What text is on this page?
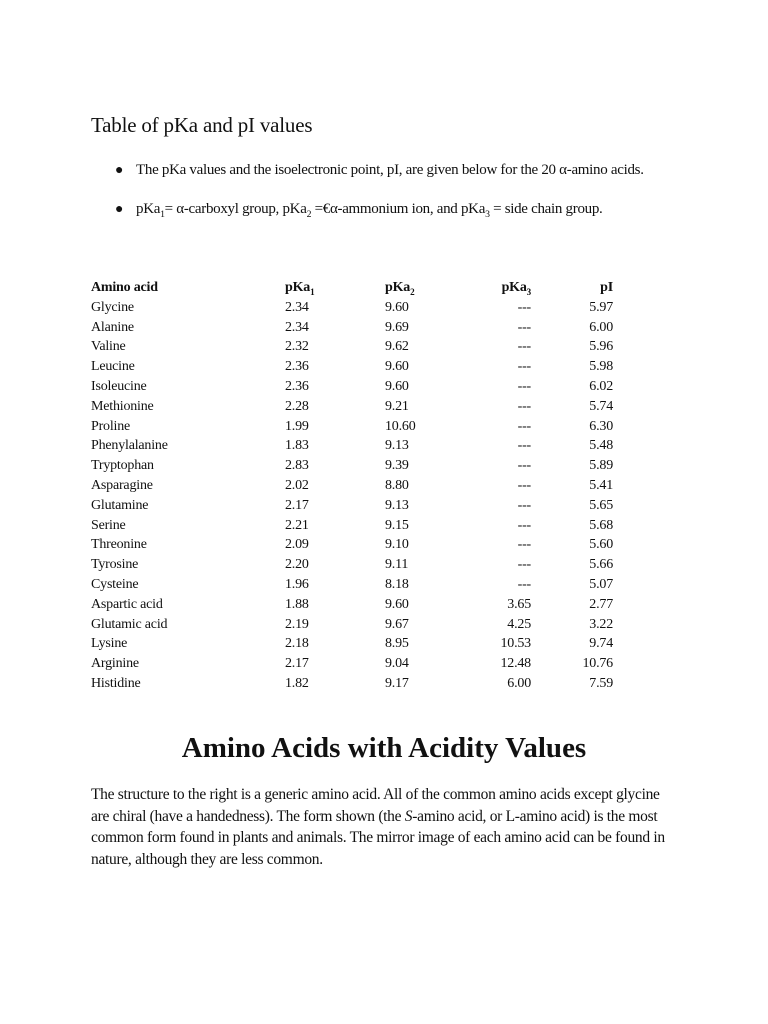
Table of pKa and pI values
● The pKa values and the isoelectronic point, pI, are given below for the 20 α-amino acids.
● pKa$_1$= α-carboxyl group, pKa$_2$ =€α-ammonium ion, and pKa$_3$ = side chain group.
Amino acid	pKa$_1$	pKa$_2$	pKa$_3$	pI
Glycine	2.34	9.60	---	5.97
Alanine	2.34	9.69	---	6.00
Valine	2.32	9.62	---	5.96
Leucine	2.36	9.60	---	5.98
Isoleucine	2.36	9.60	---	6.02
Methionine	2.28	9.21	---	5.74
Proline	1.99	10.60	---	6.30
Phenylalanine	1.83	9.13	---	5.48
Tryptophan	2.83	9.39	---	5.89
Asparagine	2.02	8.80	---	5.41
Glutamine	2.17	9.13	---	5.65
Serine	2.21	9.15	---	5.68
Threonine	2.09	9.10	---	5.60
Tyrosine	2.20	9.11	---	5.66
Cysteine	1.96	8.18	---	5.07
Aspartic acid	1.88	9.60	3.65	2.77
Glutamic acid	2.19	9.67	4.25	3.22
Lysine	2.18	8.95	10.53	9.74
Arginine	2.17	9.04	12.48	10.76
Histidine	1.82	9.17	6.00	7.59
Amino Acids with Acidity Values

The structure to the right is a generic amino acid. All of the common amino acids except glycine are chiral (have a handedness). The form shown (the S-amino acid, or L-amino acid) is the most common form found in plants and animals. The mirror image of each amino acid can be found in nature, although they are less common.
